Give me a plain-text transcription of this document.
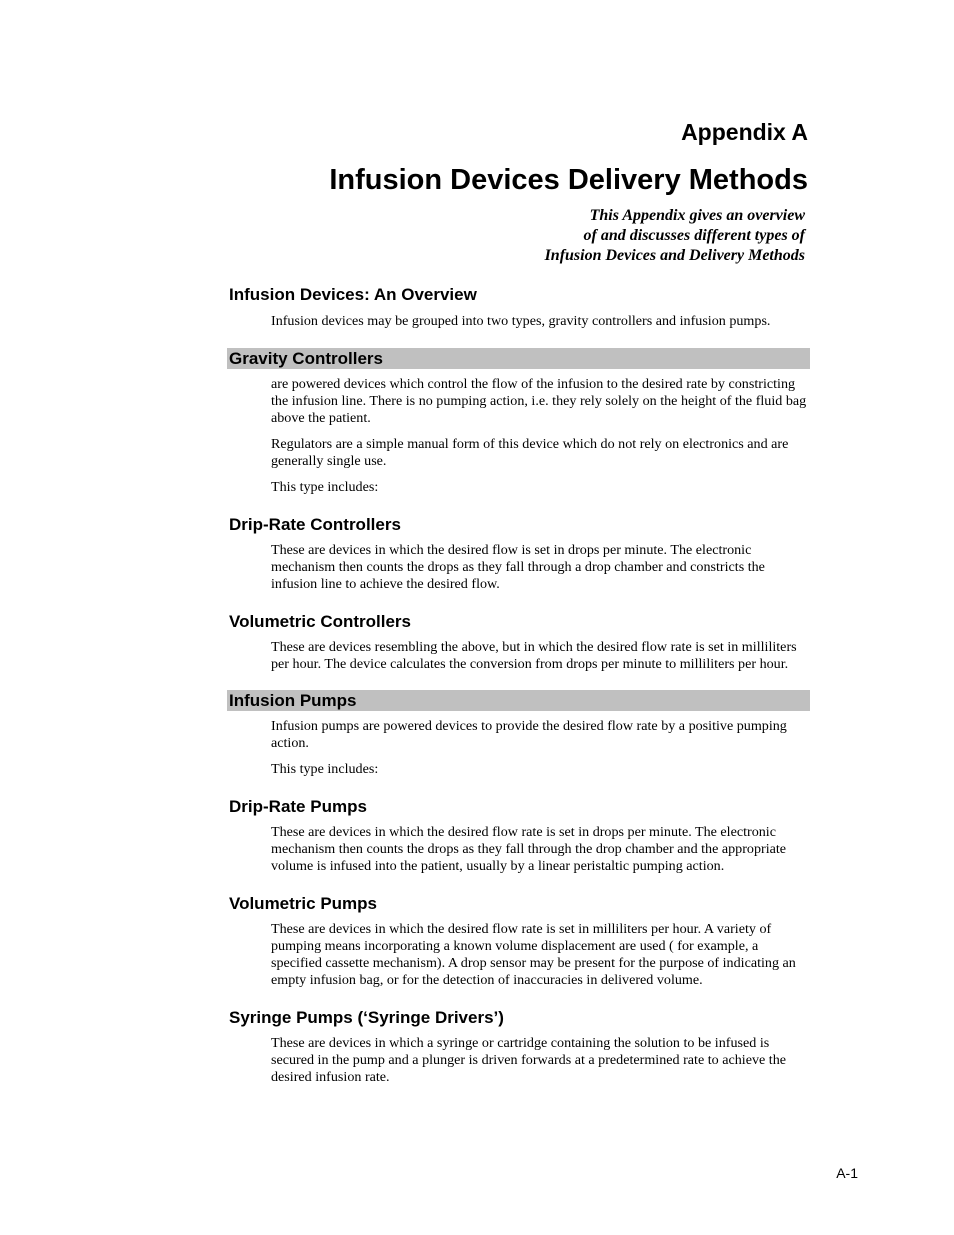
Appendix A
Infusion Devices Delivery Methods
This Appendix gives an overview
of and discusses different types of
Infusion Devices and Delivery Methods
Infusion Devices: An Overview

Infusion devices may be grouped into two types, gravity controllers and infusion pumps.

Gravity Controllers

are powered devices which control the flow of the infusion to the desired rate by constricting the infusion line. There is no pumping action, i.e. they rely solely on the height of the fluid bag above the patient.

Regulators are a simple manual form of this device which do not rely on electronics and are generally single use.

This type includes:

Drip-Rate Controllers

These are devices in which the desired flow is set in drops per minute. The electronic mechanism then counts the drops as they fall through a drop chamber and constricts the infusion line to achieve the desired flow.

Volumetric Controllers

These are devices resembling the above, but in which the desired flow rate is set in milliliters per hour. The device calculates the conversion from drops per minute to milliliters per hour.

Infusion Pumps

Infusion pumps are powered devices to provide the desired flow rate by a positive pumping action.

This type includes:

Drip-Rate Pumps

These are devices in which the desired flow rate is set in drops per minute. The electronic mechanism then counts the drops as they fall through the drop chamber and the appropriate volume is infused into the patient, usually by a linear peristaltic pumping action.

Volumetric Pumps

These are devices in which the desired flow rate is set in milliliters per hour. A variety of pumping means incorporating a known volume displacement are used ( for example, a specified cassette mechanism). A drop sensor may be present for the purpose of indicating an empty infusion bag, or for the detection of inaccuracies in delivered volume.

Syringe Pumps (‘Syringe Drivers’)

These are devices in which a syringe or cartridge containing the solution to be infused is secured in the pump and a plunger is driven forwards at a predetermined rate to achieve the desired infusion rate.

A-1
